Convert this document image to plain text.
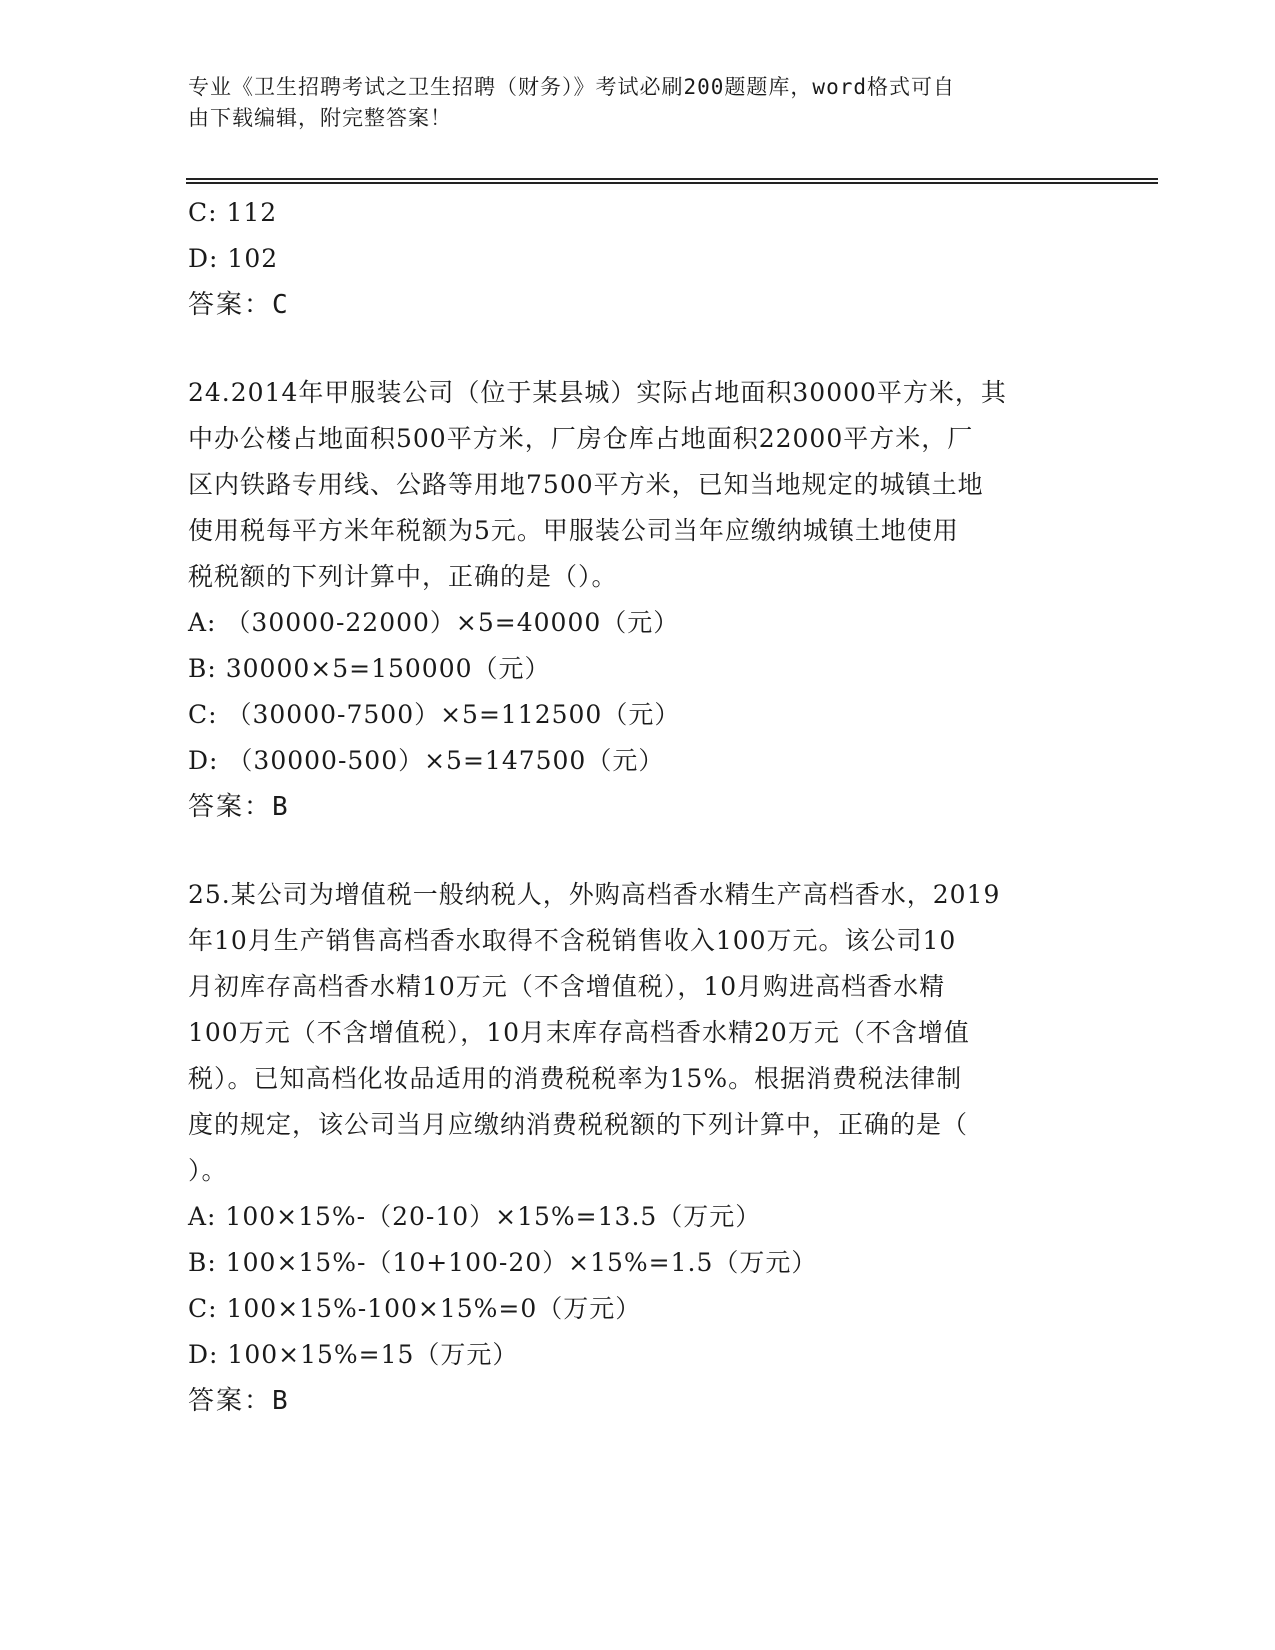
专业《卫生招聘考试之卫生招聘（财务）》考试必刷200题题库，word格式可自
由下载编辑，附完整答案！
C: 112
D: 102
答案：C
24.2014年甲服装公司（位于某县城）实际占地面积30000平方米，其
中办公楼占地面积500平方米，厂房仓库占地面积22000平方米，厂
区内铁路专用线、公路等用地7500平方米，已知当地规定的城镇土地
使用税每平方米年税额为5元。甲服装公司当年应缴纳城镇土地使用
税税额的下列计算中，正确的是（）。
A: （30000-22000）×5=40000（元）
B: 30000×5=150000（元）
C: （30000-7500）×5=112500（元）
D: （30000-500）×5=147500（元）
答案：B
25.某公司为增值税一般纳税人，外购高档香水精生产高档香水，2019
年10月生产销售高档香水取得不含税销售收入100万元。该公司10
月初库存高档香水精10万元（不含增值税），10月购进高档香水精
100万元（不含增值税），10月末库存高档香水精20万元（不含增值
税）。已知高档化妆品适用的消费税税率为15%。根据消费税法律制
度的规定，该公司当月应缴纳消费税税额的下列计算中，正确的是（
）。
A: 100×15%-（20-10）×15%=13.5（万元）
B: 100×15%-（10+100-20）×15%=1.5（万元）
C: 100×15%-100×15%=0（万元）
D: 100×15%=15（万元）
答案：B
